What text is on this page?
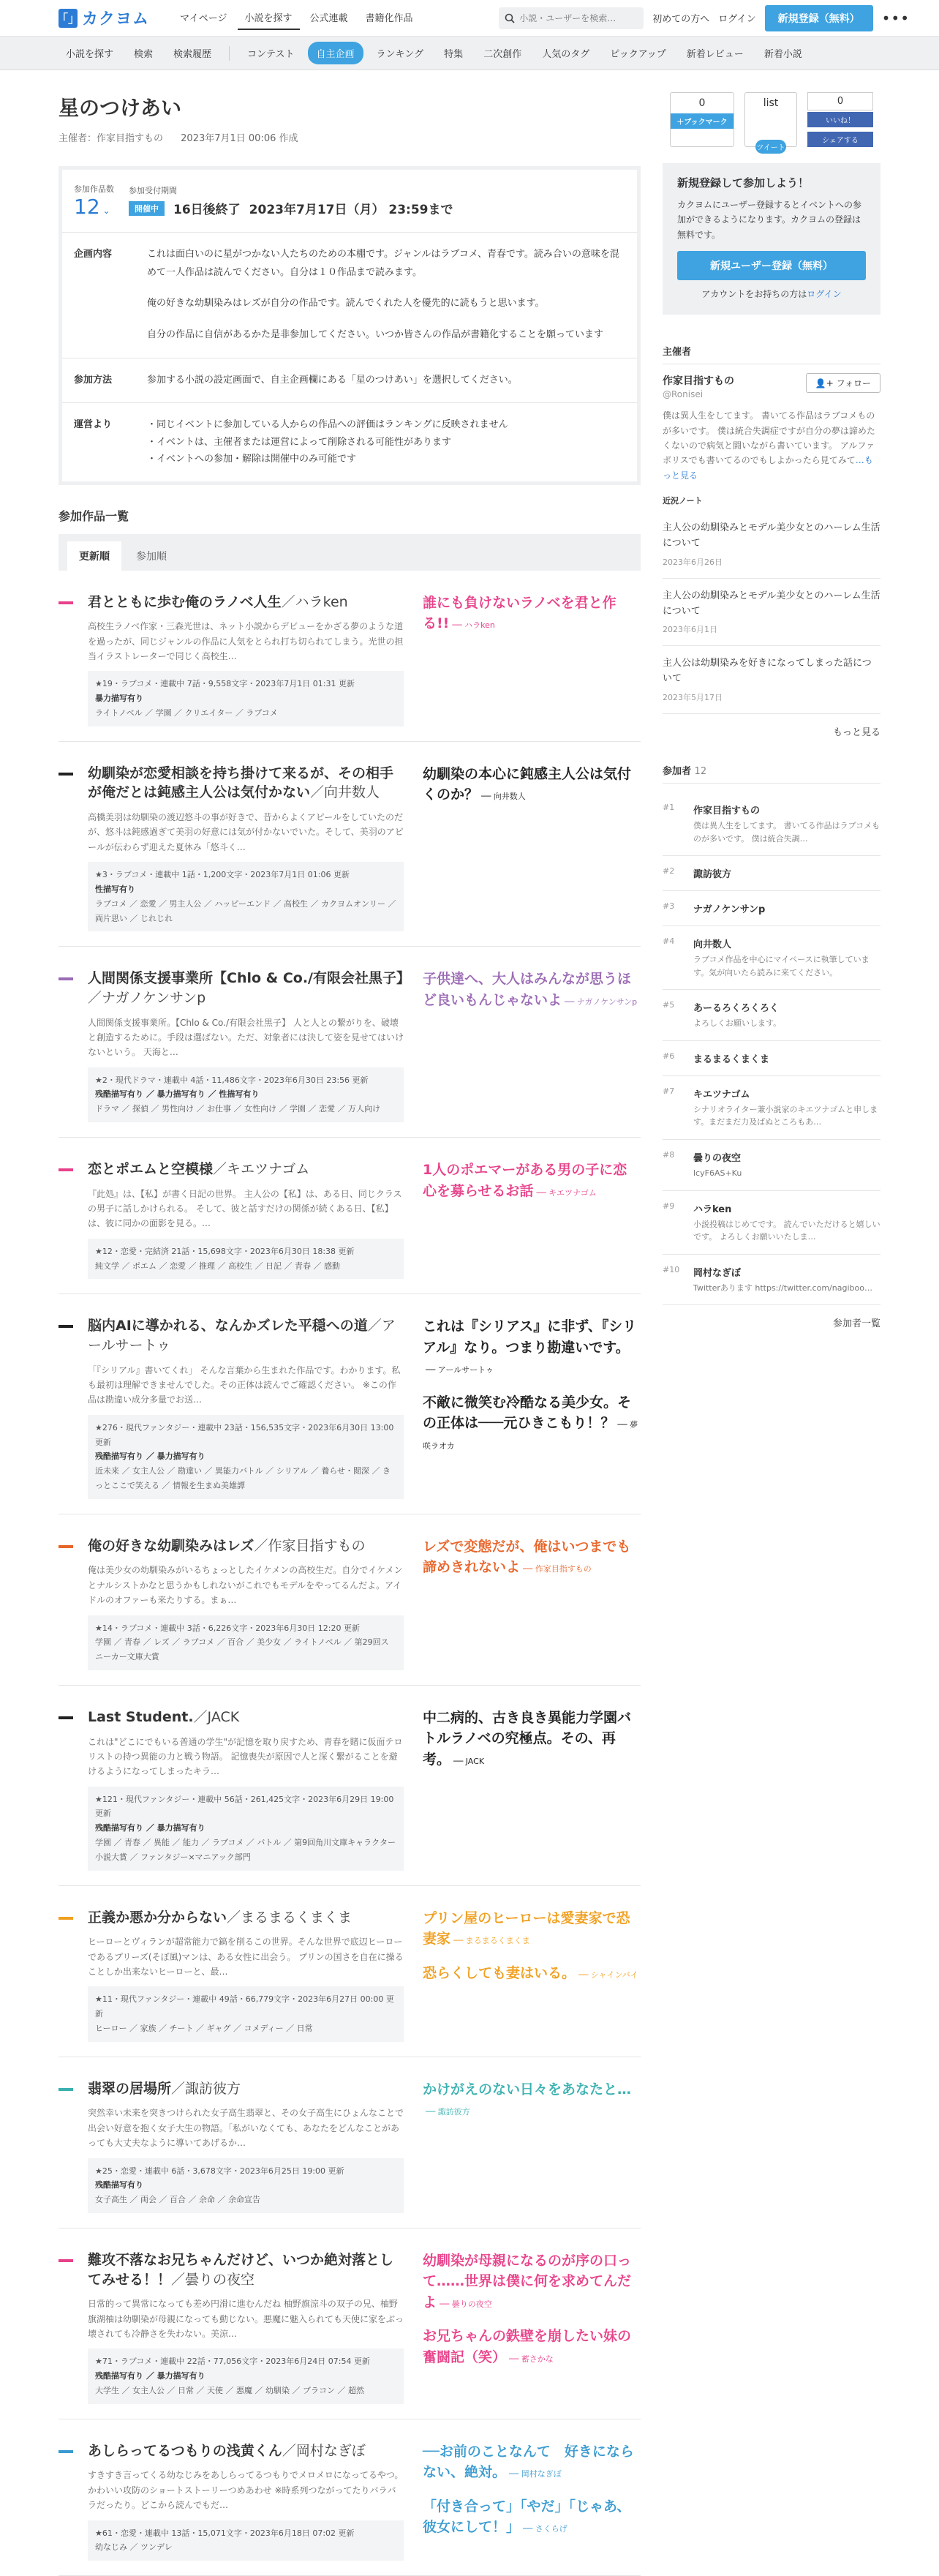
「」 カクヨム	マイページ	小説を探す	公式連載	書籍化作品
小説・ユーザーを検索…	初めての方へ ログイン	新規登録（無料）	•••
小説を探す	検索	検索履歴	コンテスト	自主企画	ランキング	特集	二次創作	人気のタグ	ピックアップ	新着レビュー	新着小説
星のつけあい
主催者：作家目指すもの 2023年7月1日 00:06 作成
参加作品数
12 ⌄
参加受付期間
開催中	16日後終了 2023年7月17日（月） 23:59まで
企画内容	これは面白いのに星がつかない人たちのための本棚です。ジャンルはラブコメ、青春です。読み合いの意味を混めて一人作品は読んでください。自分は１０作品まで読みます。

俺の好きな幼馴染みはレズが自分の作品です。読んでくれた人を優先的に読もうと思います。

自分の作品に自信があるかた是非参加してください。いつか皆さんの作品が書籍化することを願っています

参加方法	参加する小説の設定画面で、自主企画欄にある「星のつけあい」を選択してください。
運営より	・同じイベントに参加している人からの作品への評価はランキングに反映されません
・イベントは、主催者または運営によって削除される可能性があります
・イベントへの参加・解除は開催中のみ可能です
参加作品一覧
更新順	参加順
君とともに歩む俺のラノベ人生／ハラken
高校生ラノベ作家・三森光世は、ネット小説からデビューをかざる夢のような道を過ったが、同じジャンルの作品に人気をとられ打ち切られてしまう。光世の担当イラストレーターで同じく高校生…
★19・ラブコメ・連載中 7話・9,558文字・2023年7月1日 01:31 更新
暴力描写有り
ライトノベル ／ 学園 ／ クリエイター ／ ラブコメ
誰にも負けないラノベを君と作る!! ── ハラken
幼馴染が恋愛相談を持ち掛けて来るが、その相手が俺だとは鈍感主人公は気付かない／向井数人
高橋美羽は幼馴染の渡辺悠斗の事が好きで、昔からよくアピールをしていたのだが、悠斗は鈍感過ぎて美羽の好意には気が付かないでいた。そして、美羽のアピールが伝わらず迎えた夏休み「悠斗く…
★3・ラブコメ・連載中 1話・1,200文字・2023年7月1日 01:06 更新
性描写有り
ラブコメ ／ 恋愛 ／ 男主人公 ／ ハッピーエンド ／ 高校生 ／ カクヨムオンリー ／ 両片思い ／ じれじれ
幼馴染の本心に鈍感主人公は気付くのか？ ── 向井数人
人間関係支援事業所【Chlo & Co./有限会社黒子】／ナガノケンサンp
人間関係支援事業所。【Chlo & Co./有限会社黒子】 人と人との繋がりを、破壊と創造するために。手段は選ばない。ただ、対象者には決して姿を見せてはいけないという。 天海と…
★2・現代ドラマ・連載中 4話・11,486文字・2023年6月30日 23:56 更新
残酷描写有り ／ 暴力描写有り ／ 性描写有り
ドラマ ／ 探偵 ／ 男性向け ／ お仕事 ／ 女性向け ／ 学園 ／ 恋愛 ／ 万人向け
子供達へ、大人はみんなが思うほど良いもんじゃないよ ── ナガノケンサンp
恋とポエムと空模様／キエツナゴム
『此処』は、【私】が書く日記の世界。 主人公の【私】は、ある日、同じクラスの男子に話しかけられる。 そして、彼と話すだけの関係が続くある日、【私】は、彼に同かの面影を見る。…
★12・恋愛・完結済 21話・15,698文字・2023年6月30日 18:38 更新
純文学 ／ ポエム ／ 恋愛 ／ 推理 ／ 高校生 ／ 日記 ／ 青春 ／ 感動
1人のポエマーがある男の子に恋心を募らせるお話 ── キエツナゴム
脳内AIに導かれる、なんかズレた平穏への道／アールサートゥ
「『シリアル』書いてくれ」 そんな言葉から生まれた作品です。わかります。私も最初は理解できませんでした。その正体は読んでご確認ください。 ※この作品は勘違い成分多量でお送…
★276・現代ファンタジー・連載中 23話・156,535文字・2023年6月30日 13:00 更新
残酷描写有り ／ 暴力描写有り
近未来 ／ 女主人公 ／ 勘違い ／ 異能力バトル ／ シリアル ／ 養らせ・閲深 ／ きっとここで笑える ／ 情報を生まぬ美雄譚
これは『シリアス』に非ず、『シリアル』なり。つまり勘違いです。── アールサートゥ
不敵に微笑む冷酷なる美少女。その正体は───元ひきこもり！？ ── 夢咲ラオカ
俺の好きな幼馴染みはレズ／作家目指すもの
俺は美少女の幼馴染みがいるちょっとしたイケメンの高校生だ。自分でイケメンとナルシストかなと思うかもしれないがこれでもモデルをやってるんだよ。アイドルのオファーも来たりする。まぁ…
★14・ラブコメ・連載中 3話・6,226文字・2023年6月30日 12:20 更新
学園 ／ 青春 ／ レズ ／ ラブコメ ／ 百合 ／ 美少女 ／ ライトノベル ／ 第29回スニーカー文庫大賞
レズで変態だが、俺はいつまでも諦めきれないよ ── 作家目指すもの
Last Student.／JACK
これは"どこにでもいる普通の学生"が記憶を取り戻すため、青春を賭に仮面テロリストの持つ異能の力と戦う物語。 記憶喪失が原因で人と深く繋がることを避けるようになってしまったキラ…
★121・現代ファンタジー・連載中 56話・261,425文字・2023年6月29日 19:00 更新
残酷描写有り ／ 暴力描写有り
学園 ／ 青春 ／ 異能 ／ 能力 ／ ラブコメ ／ バトル ／ 第9回角川文庫キャラクター小説大賞 ／ ファンタジー×マニアック部門
中二病的、古き良き異能力学園バトルラノベの究極点。その、再考。 ── JACK
正義か悪か分からない／まるまるくまくま
ヒーローとヴィランが超常能力で鎬を削るこの世界。そんな世界で底辺ヒーローであるプリーズ(そぼ風)マンは、ある女性に出会う。 プリンの国さを自在に操ることしか出来ないヒーローと、最…
★11・現代ファンタジー・連載中 49話・66,779文字・2023年6月27日 00:00 更新
ヒーロー ／ 家族 ／ チート ／ ギャグ ／ コメディー ／ 日常
プリン屋のヒーローは愛妻家で恐妻家 ── まるまるくまくま
恐らくしても妻はいる。 ── シャインバイ
翡翠の居場所／諏訪彼方
突然幸い未来を突きつけられた女子高生翡翠と、その女子高生にひょんなことで出会い好意を抱く女子大生の物語。「私がいなくても、あなたをどんなことがあっても大丈夫なように導いてあげるか…
★25・恋愛・連載中 6話・3,678文字・2023年6月25日 19:00 更新
残酷描写有り
女子高生 ／ 両会 ／ 百合 ／ 余命 ／ 余命宣告
かけがえのない日々をあなたと…── 諏訪彼方
難攻不落なお兄ちゃんだけど、いつか絶対落としてみせる！！／曇りの夜空
日常的って異常になっても差め円滑に進むんだね 柚野旗涼斗の双子の兄、柚野旗湖柚は幼馴染が母親になっても動じない。悪魔に魅入られても天使に家をぶっ壊されても冷静さを失わない。美涼…
★71・ラブコメ・連載中 22話・77,056文字・2023年6月24日 07:54 更新
残酷描写有り ／ 暴力描写有り
大学生 ／ 女主人公 ／ 日常 ／ 天使 ／ 悪魔 ／ 幼馴染 ／ ブラコン ／ 超然
幼馴染が母親になるのが序の口って……世界は僕に何を求めてんだよ ── 曇りの夜空
お兄ちゃんの鉄壁を崩したい妹の奮闘記（笑） ── 蓄さかな
あしらってるつもりの浅黄くん／岡村なぎぼ
すきすき言ってくる幼なじみをあしらってるつもりでメロメロになってるやつ。 かわいい攻防のショートストーリーつめあわせ ※時系列つながってたりバラバラだったり。どこから読んでもだ…
★61・恋愛・連載中 13話・15,071文字・2023年6月18日 07:02 更新
幼なじみ ／ ツンデレ
──お前のことなんて　好きにならない、絶対。 ── 岡村なぎぼ
「付き合って」「やだ」「じゃあ、彼女にして！」 ── さくらげ
0
＋ブックマーク
list
ツイート
0
いいね！
シェアする
新規登録して参加しよう！

カクヨムにユーザー登録するとイベントへの参加ができるようになります。カクヨムの登録は無料です。

新規ユーザー登録（無料）
アカウントをお持ちの方はログイン
主催者
作家目指すもの
@Ronisei
👤+ フォロー
僕は異人生をしてます。 書いてる作品はラブコメものが多いです。 僕は統合失調症ですが自分の夢は諦めたくないので病気と闘いながら書いています。 アルファポリスでも書いてるのでもしよかったら見てみて…もっと見る
近況ノート
主人公の幼馴染みとモデル美少女とのハーレム生活について
2023年6月26日
主人公の幼馴染みとモデル美少女とのハーレム生活について
2023年6月1日
主人公は幼馴染みを好きになってしまった話について
2023年5月17日
もっと見る
参加者 12
#1	作家目指すもの
僕は異人生をしてます。 書いてる作品はラブコメものが多いです。 僕は統合失調…
#2	諏訪彼方
#3	ナガノケンサンp
#4	向井数人
ラブコメ作品を中心にマイペースに執筆しています。気が向いたら読みに来てください。
#5	あーるろくろくろく
よろしくお願いします。
#6	まるまるくまくま
#7	キエツナゴム
シナリオライター兼小説家のキエツナゴムと申します。まだまだ力及ばぬところもあ…
#8	曇りの夜空
lcyF6AS+Ku
#9	ハラken
小説投稿はじめてです。 読んでいただけると嬉しいです。 よろしくお願いいたしま…
#10	岡村なぎぼ
Twitterあります https://twitter.com/nagiboo…
参加者一覧
